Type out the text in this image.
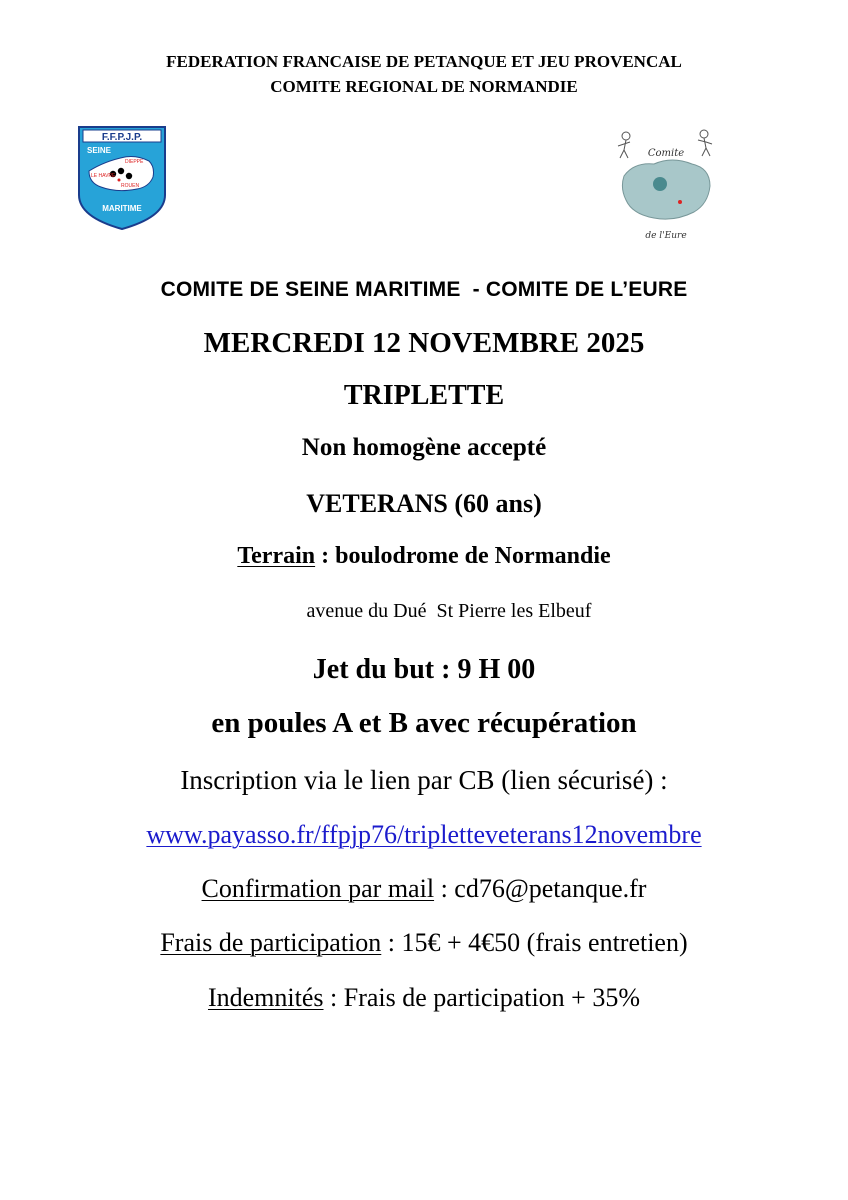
FEDERATION FRANCAISE DE PETANQUE ET JEU PROVENCAL
COMITE REGIONAL DE NORMANDIE
F.F.P.J.P.
SEINE
DIEPPE
LE HAVRE
ROUEN
MARITIME
Comite
de l'Eure
COMITE DE SEINE MARITIME  - COMITE DE L’EURE
MERCREDI 12 NOVEMBRE 2025
TRIPLETTE
Non homogène accepté
VETERANS (60 ans)
Terrain : boulodrome de Normandie
avenue du Dué  St Pierre les Elbeuf
Jet du but : 9 H 00
en poules A et B avec récupération
Inscription via le lien par CB (lien sécurisé) :
www.payasso.fr/ffpjp76/tripletteveterans12novembre
Confirmation par mail : cd76@petanque.fr
Frais de participation : 15€ + 4€50 (frais entretien)
Indemnités : Frais de participation + 35%
